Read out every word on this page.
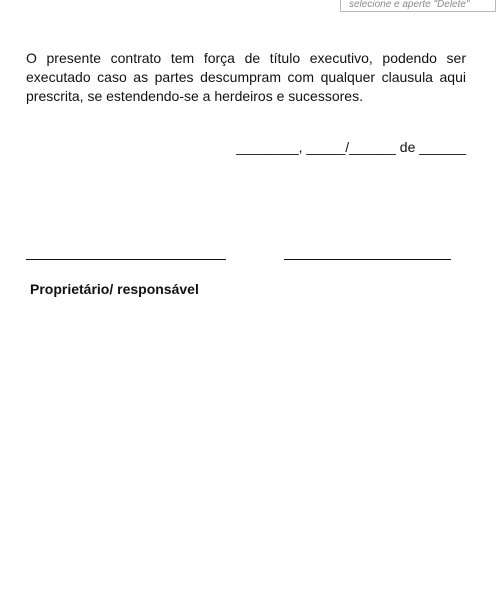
selecione e aperte "Delete"

O presente contrato tem força de título executivo, podendo ser executado caso as partes descumpram com qualquer clausula aqui prescrita, se estendendo-se a herdeiros e sucessores.

________, _____/______ de ______
Proprietário/ responsável
